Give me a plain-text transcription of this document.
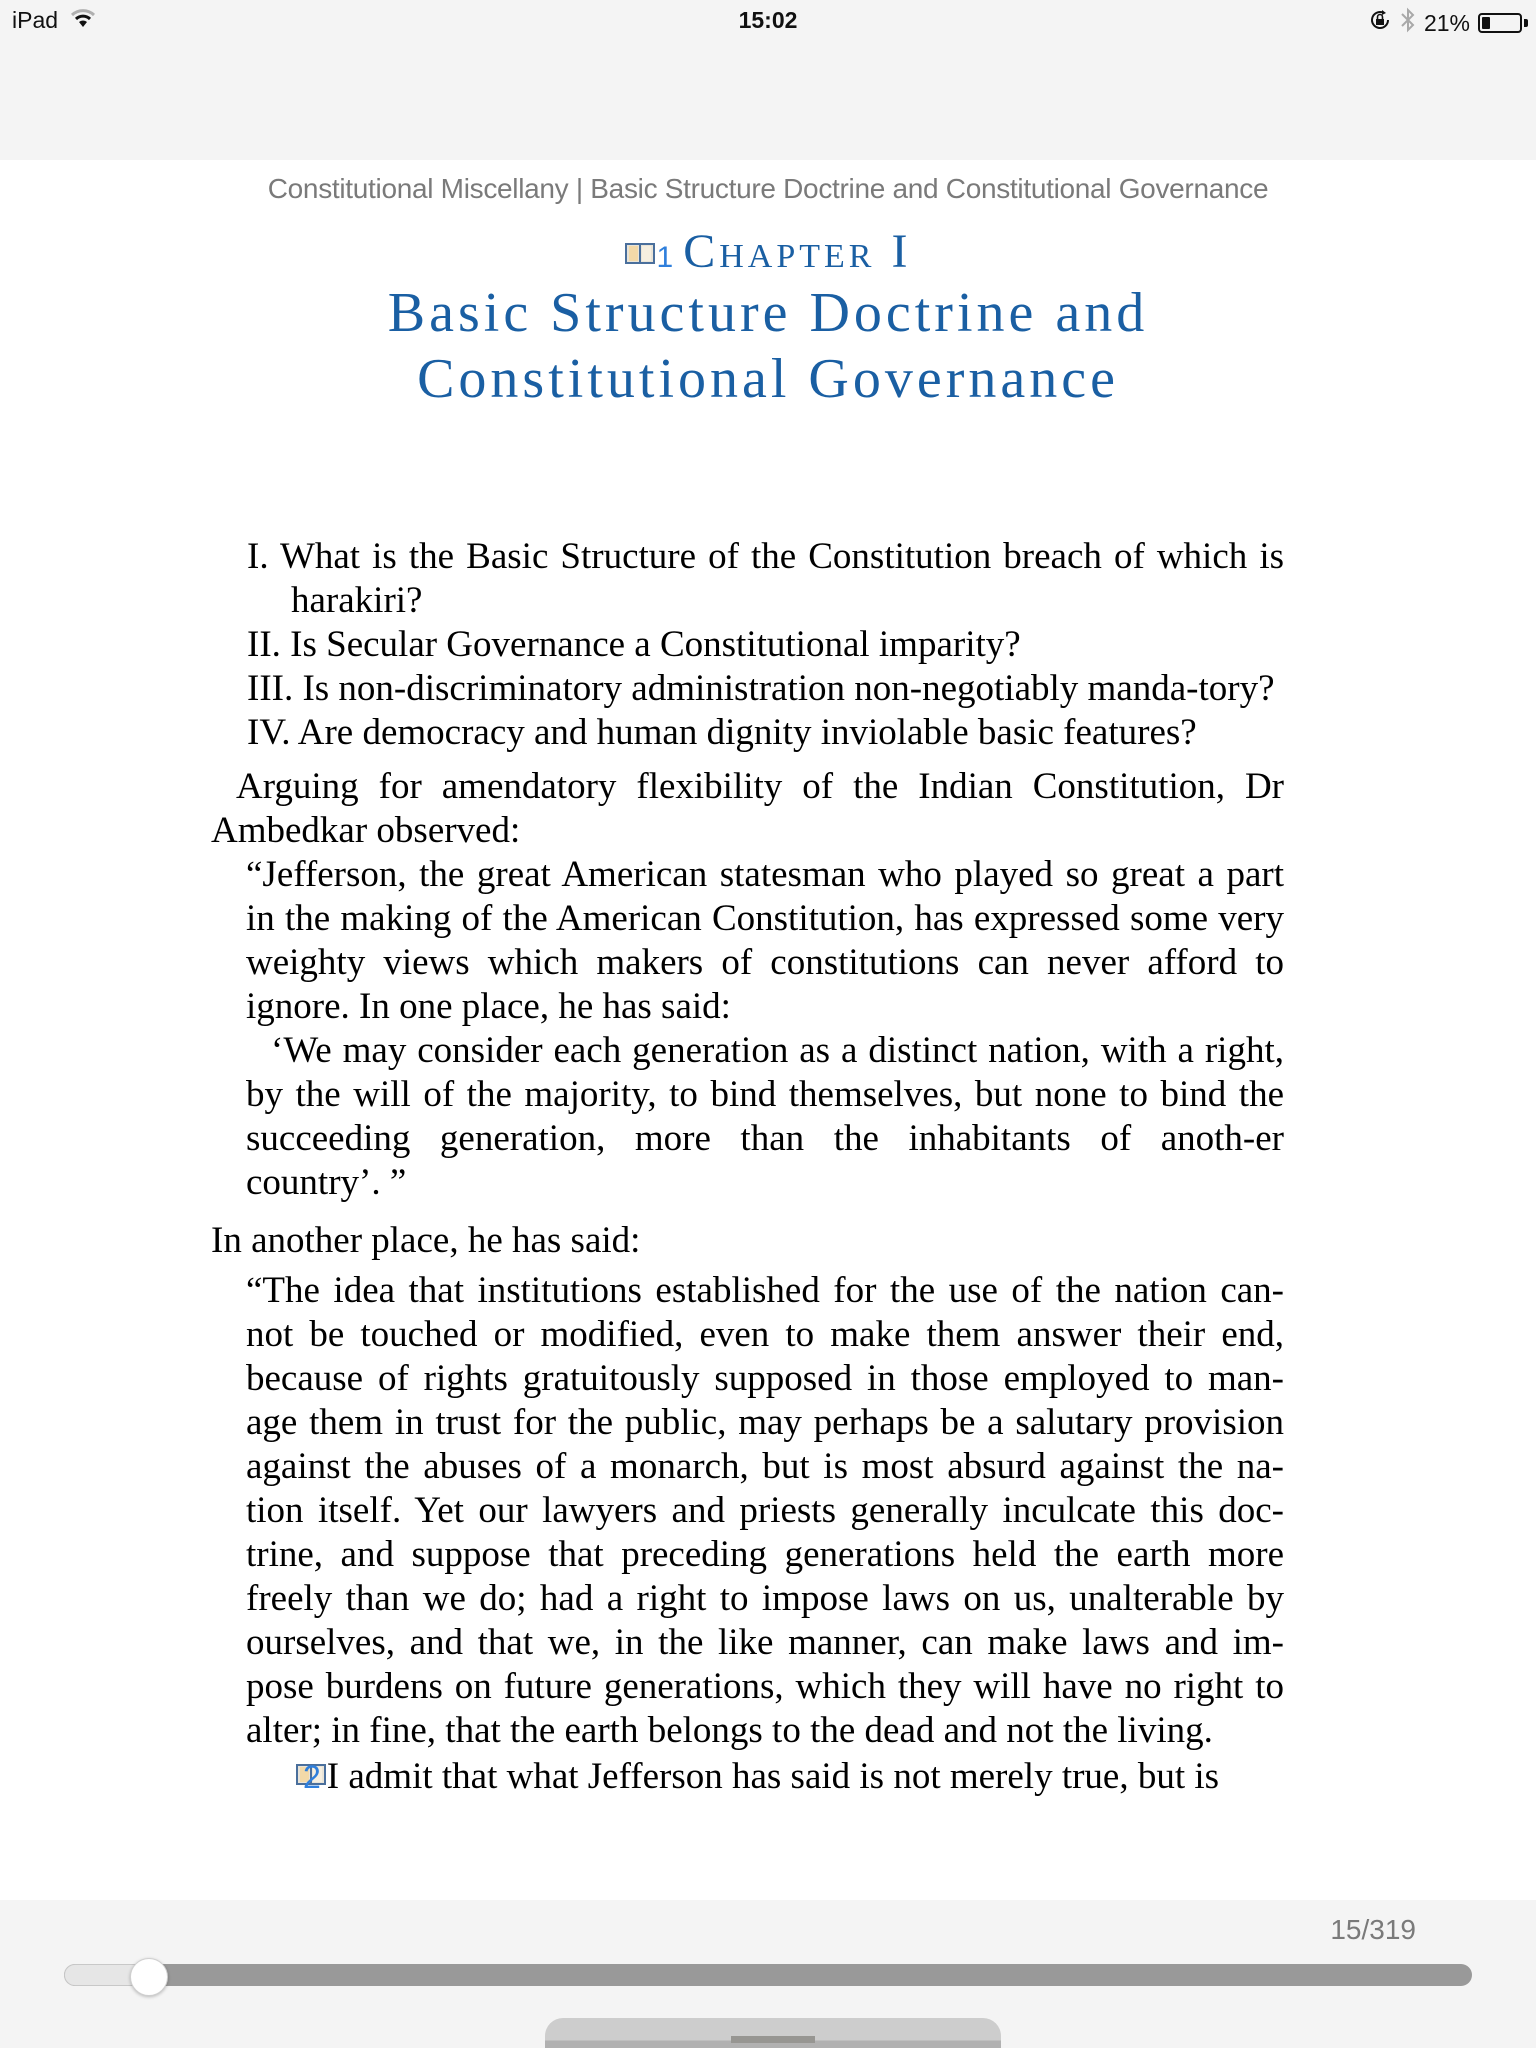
iPad	15:02	21%
Constitutional Miscellany | Basic Structure Doctrine and Constitutional Governance
1 Chapter I
Basic Structure Doctrine and
Constitutional Governance
I. What is the Basic Structure of the Constitution breach of which is harakiri?
II. Is Secular Governance a Constitutional imparity?
III. Is non-discriminatory administration non-negotiably manda-tory?
IV. Are democracy and human dignity inviolable basic features?
Arguing for amendatory flexibility of the Indian Constitution, Dr Ambedkar observed:
“Jefferson, the great American statesman who played so great a part in the making of the American Constitution, has expressed some very weighty views which makers of constitutions can never afford to ignore. In one place, he has said:
‘We may consider each generation as a distinct nation, with a right, by the will of the majority, to bind themselves, but none to bind the succeeding generation, more than the inhabitants of anoth-er country’. ”
In another place, he has said:
“The idea that institutions established for the use of the nation can-not be touched or modified, even to make them answer their end, because of rights gratuitously supposed in those employed to man-age them in trust for the public, may perhaps be a salutary provision against the abuses of a monarch, but is most absurd against the na-tion itself. Yet our lawyers and priests generally inculcate this doc-trine, and suppose that preceding generations held the earth more freely than we do; had a right to impose laws on us, unalterable by ourselves, and that we, in the like manner, can make laws and im-pose burdens on future generations, which they will have no right to alter; in fine, that the earth belongs to the dead and not the living.
2 I admit that what Jefferson has said is not merely true, but is
15/319
